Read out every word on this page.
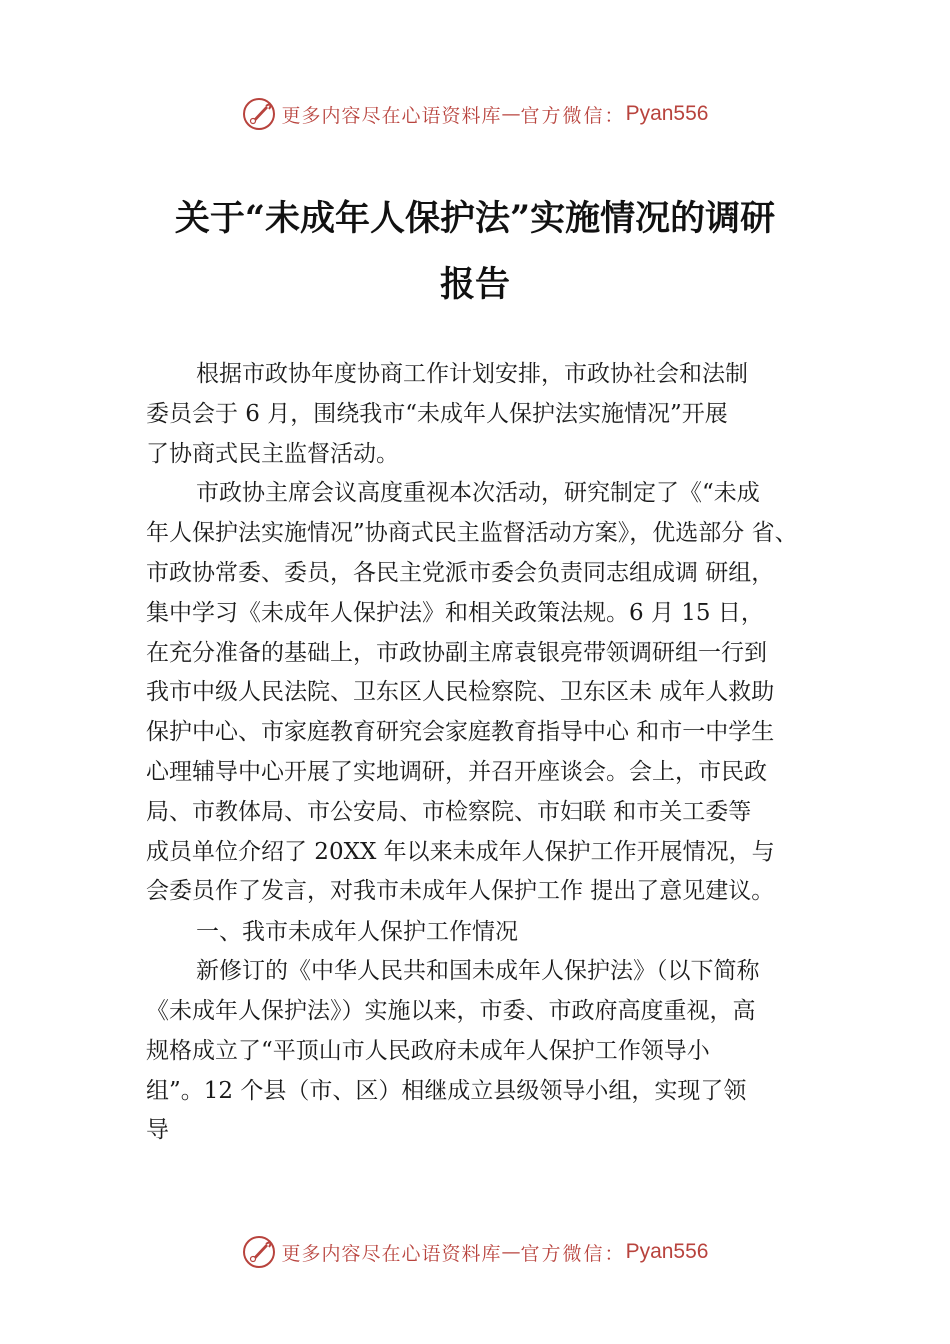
更多内容尽在心语资料库 — 官方微信： Pyan556
关于“未成年人保护法”实施情况的调研
报告

根据市政协年度协商工作计划安排，市政协社会和法制
委员会于 6 月，围绕我市“未成年人保护法实施情况”开展
了协商式民主监督活动。

市政协主席会议高度重视本次活动，研究制定了《“未成
年人保护法实施情况”协商式民主监督活动方案》，优选部分 省、
市政协常委、委员，各民主党派市委会负责同志组成调 研组，
集中学习《未成年人保护法》和相关政策法规。6 月 15 日，
在充分准备的基础上，市政协副主席袁银亮带领调研组一行到
我市中级人民法院、卫东区人民检察院、卫东区未 成年人救助
保护中心、市家庭教育研究会家庭教育指导中心 和市一中学生
心理辅导中心开展了实地调研，并召开座谈会。会上，市民政
局、市教体局、市公安局、市检察院、市妇联 和市关工委等
成员单位介绍了 20XX 年以来未成年人保护工作开展情况，与
会委员作了发言，对我市未成年人保护工作 提出了意见建议。

一、我市未成年人保护工作情况

新修订的《中华人民共和国未成年人保护法》（以下简称
《未成年人保护法》）实施以来，市委、市政府高度重视，高
规格成立了“平顶山市人民政府未成年人保护工作领导小
组”。12 个县（市、区）相继成立县级领导小组，实现了领
导

更多内容尽在心语资料库 — 官方微信： Pyan556
